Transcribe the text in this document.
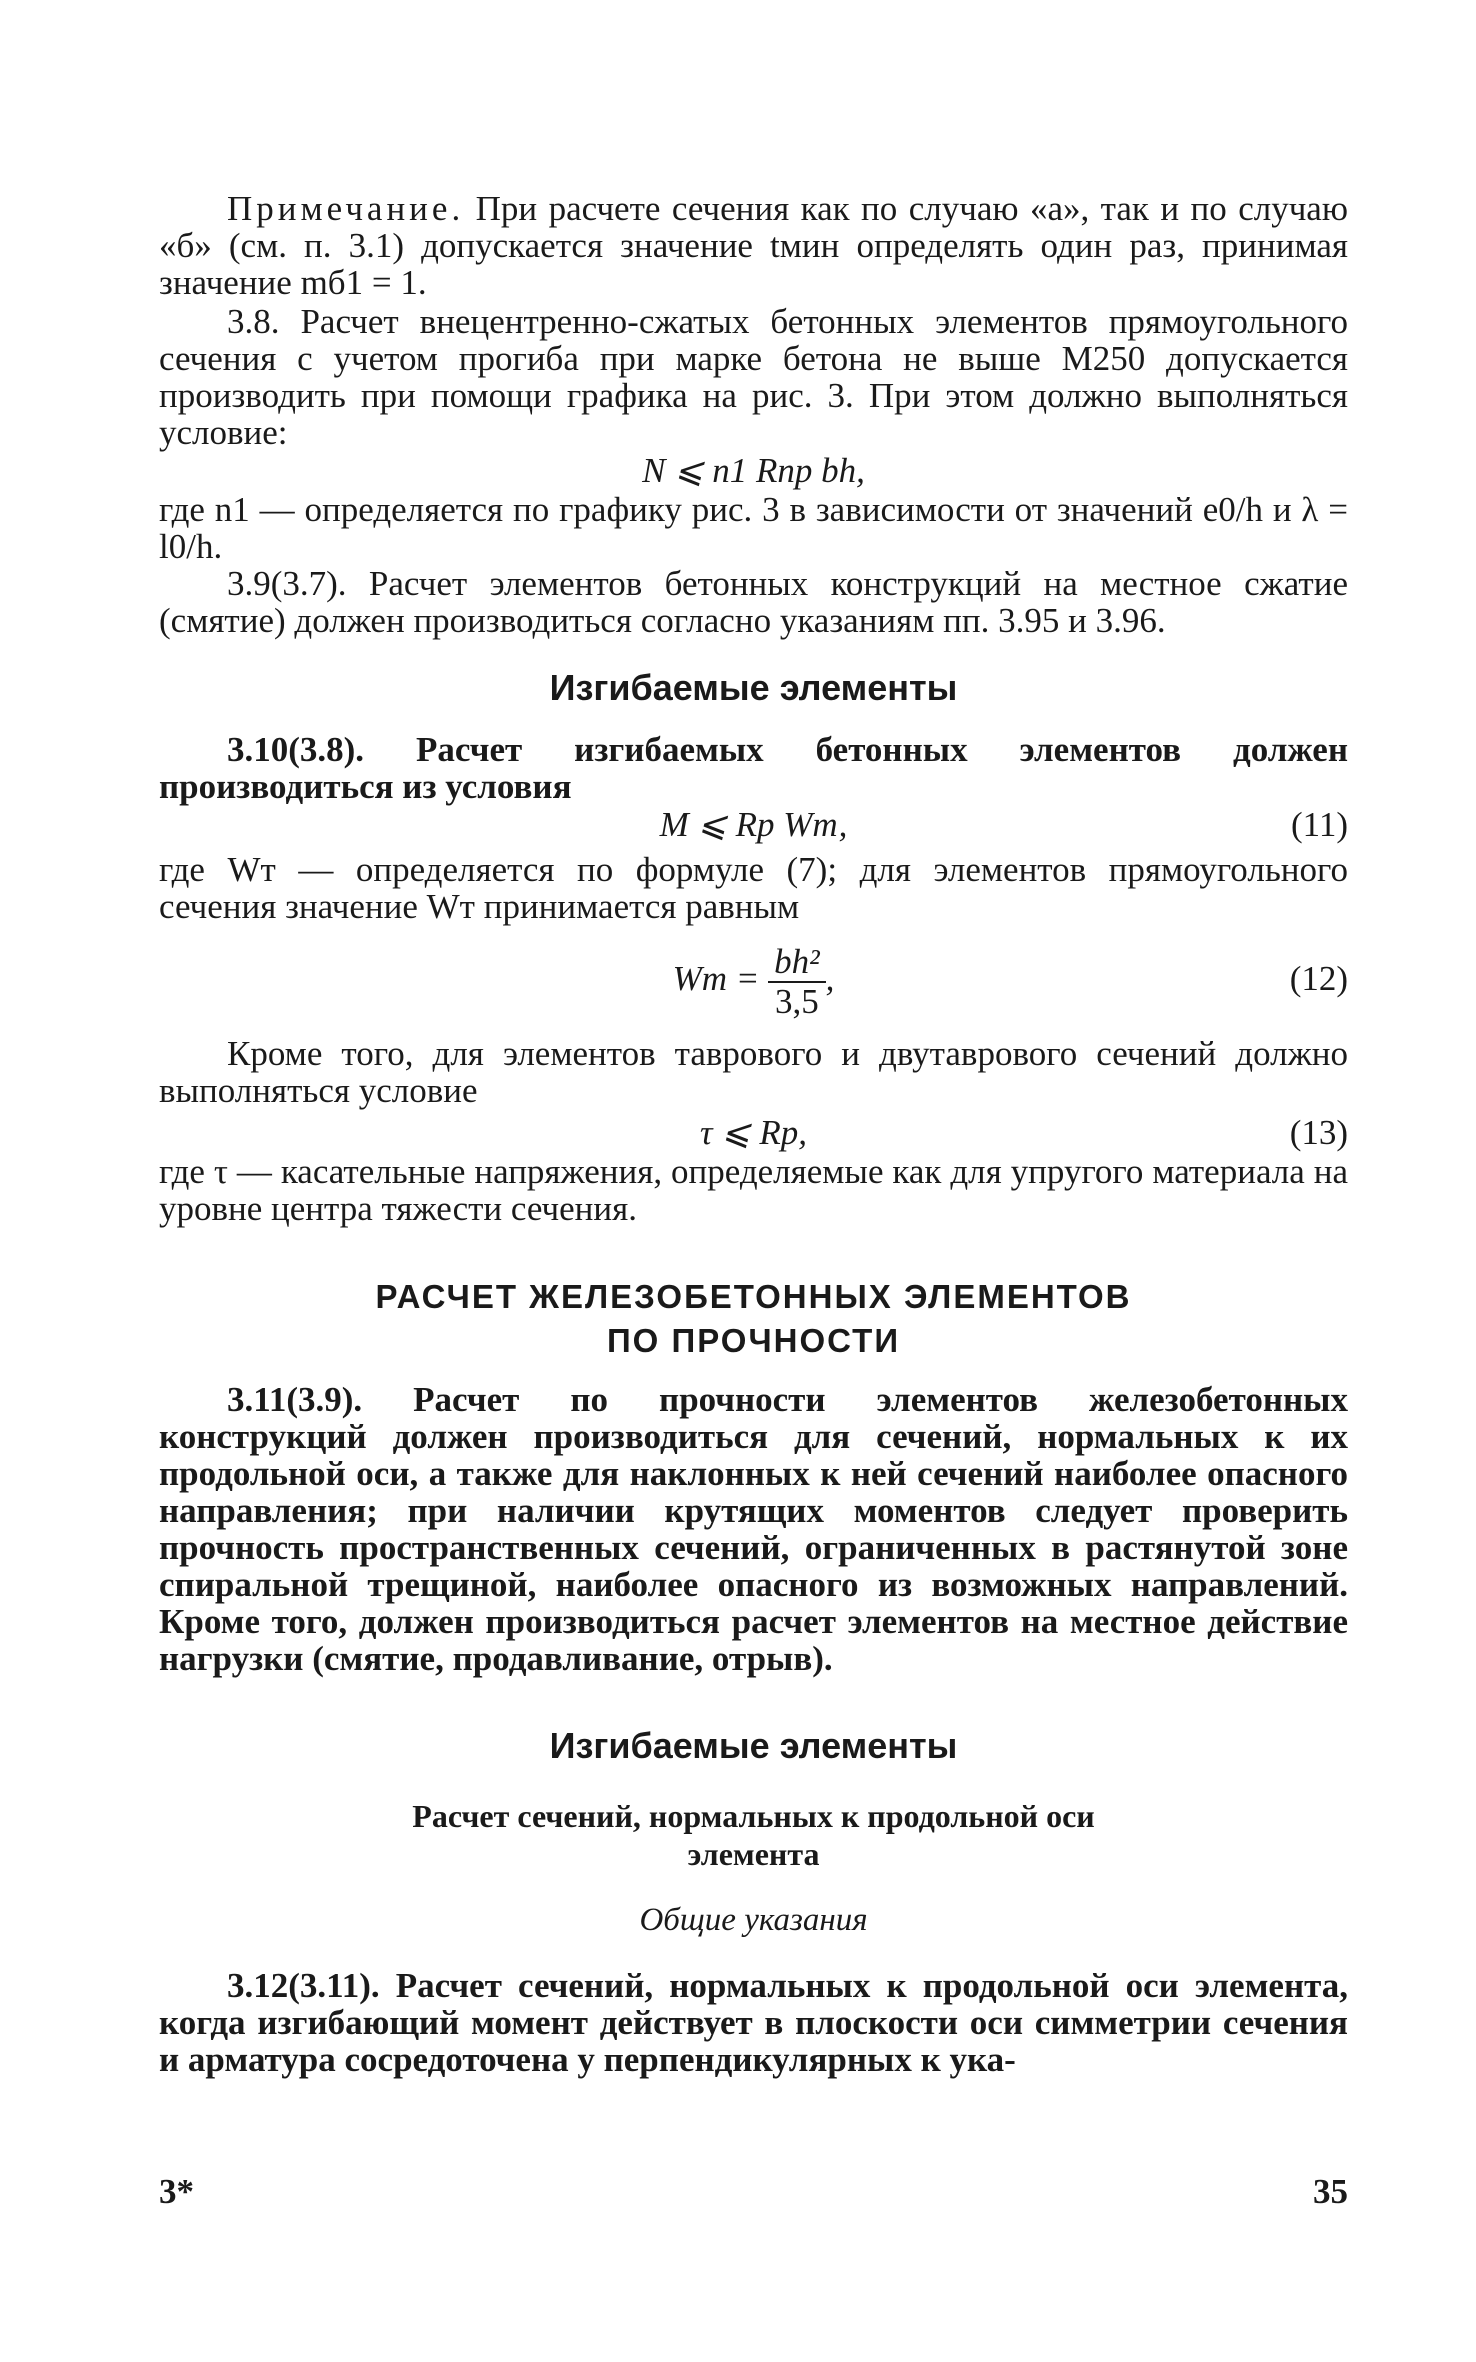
Примечание. При расчете сечения как по случаю «а», так и по случаю «б» (см. п. 3.1) допускается значение tмин определять один раз, принимая значение mб1 = 1.

3.8. Расчет внецентренно-сжатых бетонных элементов прямоугольного сечения с учетом прогиба при марке бетона не выше М250 допускается производить при помощи графика на рис. 3. При этом должно выполняться условие:

N ⩽ n1 Rпр bh,

где n1 — определяется по графику рис. 3 в зависимости от значений e0/h и λ = l0/h.

3.9(3.7). Расчет элементов бетонных конструкций на местное сжатие (смятие) должен производиться согласно указаниям пп. 3.95 и 3.96.

Изгибаемые элементы

3.10(3.8). Расчет изгибаемых бетонных элементов должен производиться из условия

M ⩽ Rp Wт,	(11)

где Wт — определяется по формуле (7); для элементов прямоугольного сечения значение Wт принимается равным

Wт = $\frac{\text{bh²}}{3,5}$ ,	(12)

Кроме того, для элементов таврового и двутаврового сечений должно выполняться условие

τ ⩽ Rp,	(13)

где τ — касательные напряжения, определяемые как для упругого материала на уровне центра тяжести сечения.

РАСЧЕТ ЖЕЛЕЗОБЕТОННЫХ ЭЛЕМЕНТОВ
ПО ПРОЧНОСТИ

3.11(3.9). Расчет по прочности элементов железобетонных конструкций должен производиться для сечений, нормальных к их продольной оси, а также для наклонных к ней сечений наиболее опасного направления; при наличии крутящих моментов следует проверить прочность пространственных сечений, ограниченных в растянутой зоне спиральной трещиной, наиболее опасного из возможных направлений. Кроме того, должен производиться расчет элементов на местное действие нагрузки (смятие, продавливание, отрыв).

Изгибаемые элементы
Расчет сечений, нормальных к продольной оси
элемента
Общие указания

3.12(3.11). Расчет сечений, нормальных к продольной оси элемента, когда изгибающий момент действует в плоскости оси симметрии сечения и арматура сосредоточена у перпендикулярных к ука-

3*	35
